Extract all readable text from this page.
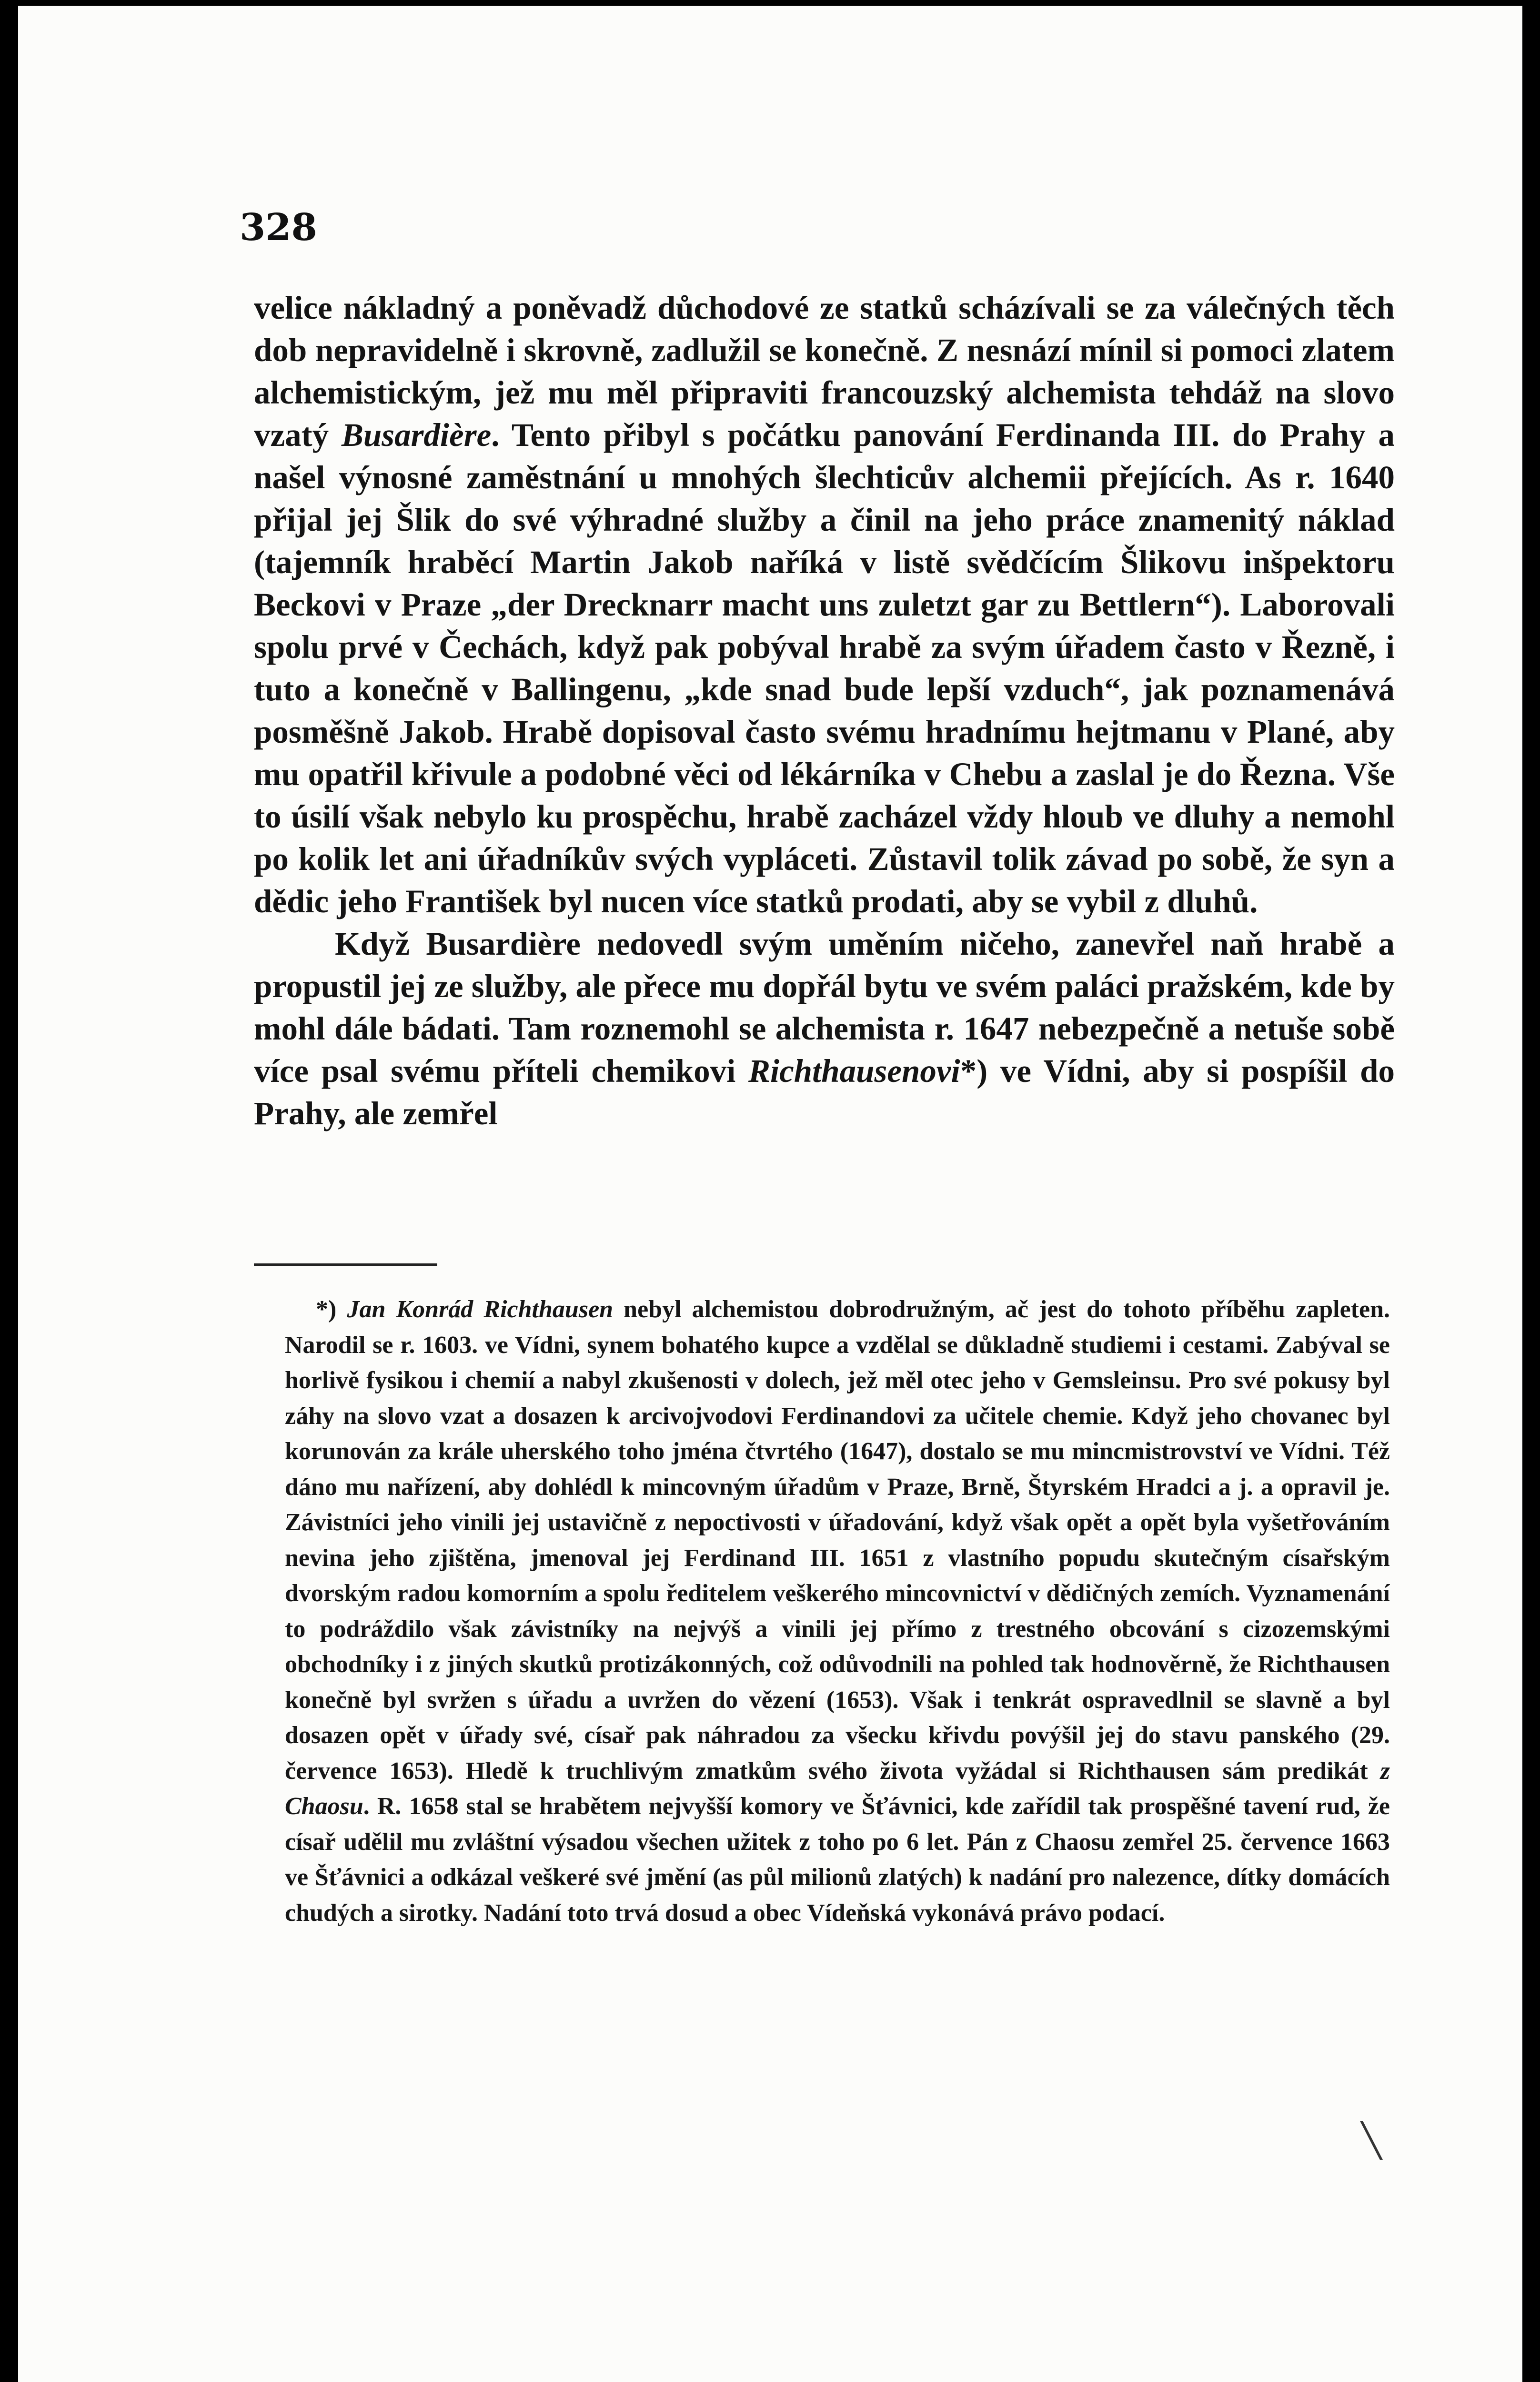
328

velice nákladný a poněvadž důchodové ze statků scházívali se za válečných těch dob nepravidelně i skrovně, zadlužil se konečně. Z nesnází mínil si pomoci zlatem alchemistickým, jež mu měl připraviti francouzský alchemista tehdáž na slovo vzatý Busardière. Tento přibyl s počátku panování Ferdinanda III. do Prahy a našel výnosné zaměstnání u mnohých šlechticův alchemii přejících. As r. 1640 přijal jej Šlik do své výhradné služby a činil na jeho práce znamenitý náklad (tajemník hraběcí Martin Jakob naříká v listě svědčícím Šlikovu inšpektoru Beckovi v Praze „der Drecknarr macht uns zuletzt gar zu Bettlern“). Laborovali spolu prvé v Čechách, když pak pobýval hrabě za svým úřadem často v Řezně, i tuto a konečně v Ballingenu, „kde snad bude lepší vzduch“, jak poznamenává posměšně Jakob. Hrabě dopisoval často svému hradnímu hejtmanu v Plané, aby mu opatřil křivule a podobné věci od lékárníka v Chebu a zaslal je do Řezna. Vše to úsilí však nebylo ku prospěchu, hrabě zacházel vždy hloub ve dluhy a nemohl po kolik let ani úřadníkův svých vypláceti. Zůstavil tolik závad po sobě, že syn a dědic jeho František byl nucen více statků prodati, aby se vybil z dluhů.

Když Busardière nedovedl svým uměním ničeho, zanevřel naň hrabě a propustil jej ze služby, ale přece mu dopřál bytu ve svém paláci pražském, kde by mohl dále bádati. Tam roznemohl se alchemista r. 1647 nebezpečně a netuše sobě více psal svému příteli chemikovi Richthausenovi*) ve Vídni, aby si pospíšil do Prahy, ale zemřel

*) Jan Konrád Richthausen nebyl alchemistou dobrodružným, ač jest do tohoto příběhu zapleten. Narodil se r. 1603. ve Vídni, synem bohatého kupce a vzdělal se důkladně studiemi i cestami. Zabýval se horlivě fysikou i chemií a nabyl zkušenosti v dolech, jež měl otec jeho v Gemsleinsu. Pro své pokusy byl záhy na slovo vzat a dosazen k arcivojvodovi Ferdinandovi za učitele chemie. Když jeho chovanec byl korunován za krále uherského toho jména čtvrtého (1647), dostalo se mu mincmistrovství ve Vídni. Též dáno mu nařízení, aby dohlédl k mincovným úřadům v Praze, Brně, Štyrském Hradci a j. a opravil je. Závistníci jeho vinili jej ustavičně z nepoctivosti v úřadování, když však opět a opět byla vyšetřováním nevina jeho zjištěna, jmenoval jej Ferdinand III. 1651 z vlastního popudu skutečným císařským dvorským radou komorním a spolu ředitelem veškerého mincovnictví v dědičných zemích. Vyznamenání to podráždilo však závistníky na nejvýš a vinili jej přímo z trestného obcování s cizozemskými obchodníky i z jiných skutků protizákonných, což odůvodnili na pohled tak hodnověrně, že Richthausen konečně byl svržen s úřadu a uvržen do vězení (1653). Však i tenkrát ospravedlnil se slavně a byl dosazen opět v úřady své, císař pak náhradou za všecku křivdu povýšil jej do stavu panského (29. července 1653). Hledě k truchlivým zmatkům svého života vyžádal si Richthausen sám predikát z Chaosu. R. 1658 stal se hrabětem nejvyšší komory ve Šťávnici, kde zařídil tak prospěšné tavení rud, že císař udělil mu zvláštní výsadou všechen užitek z toho po 6 let. Pán z Chaosu zemřel 25. července 1663 ve Šťávnici a odkázal veškeré své jmění (as půl milionů zlatých) k nadání pro nalezence, dítky domácích chudých a sirotky. Nadání toto trvá dosud a obec Vídeňská vykonává právo podací.
╲
